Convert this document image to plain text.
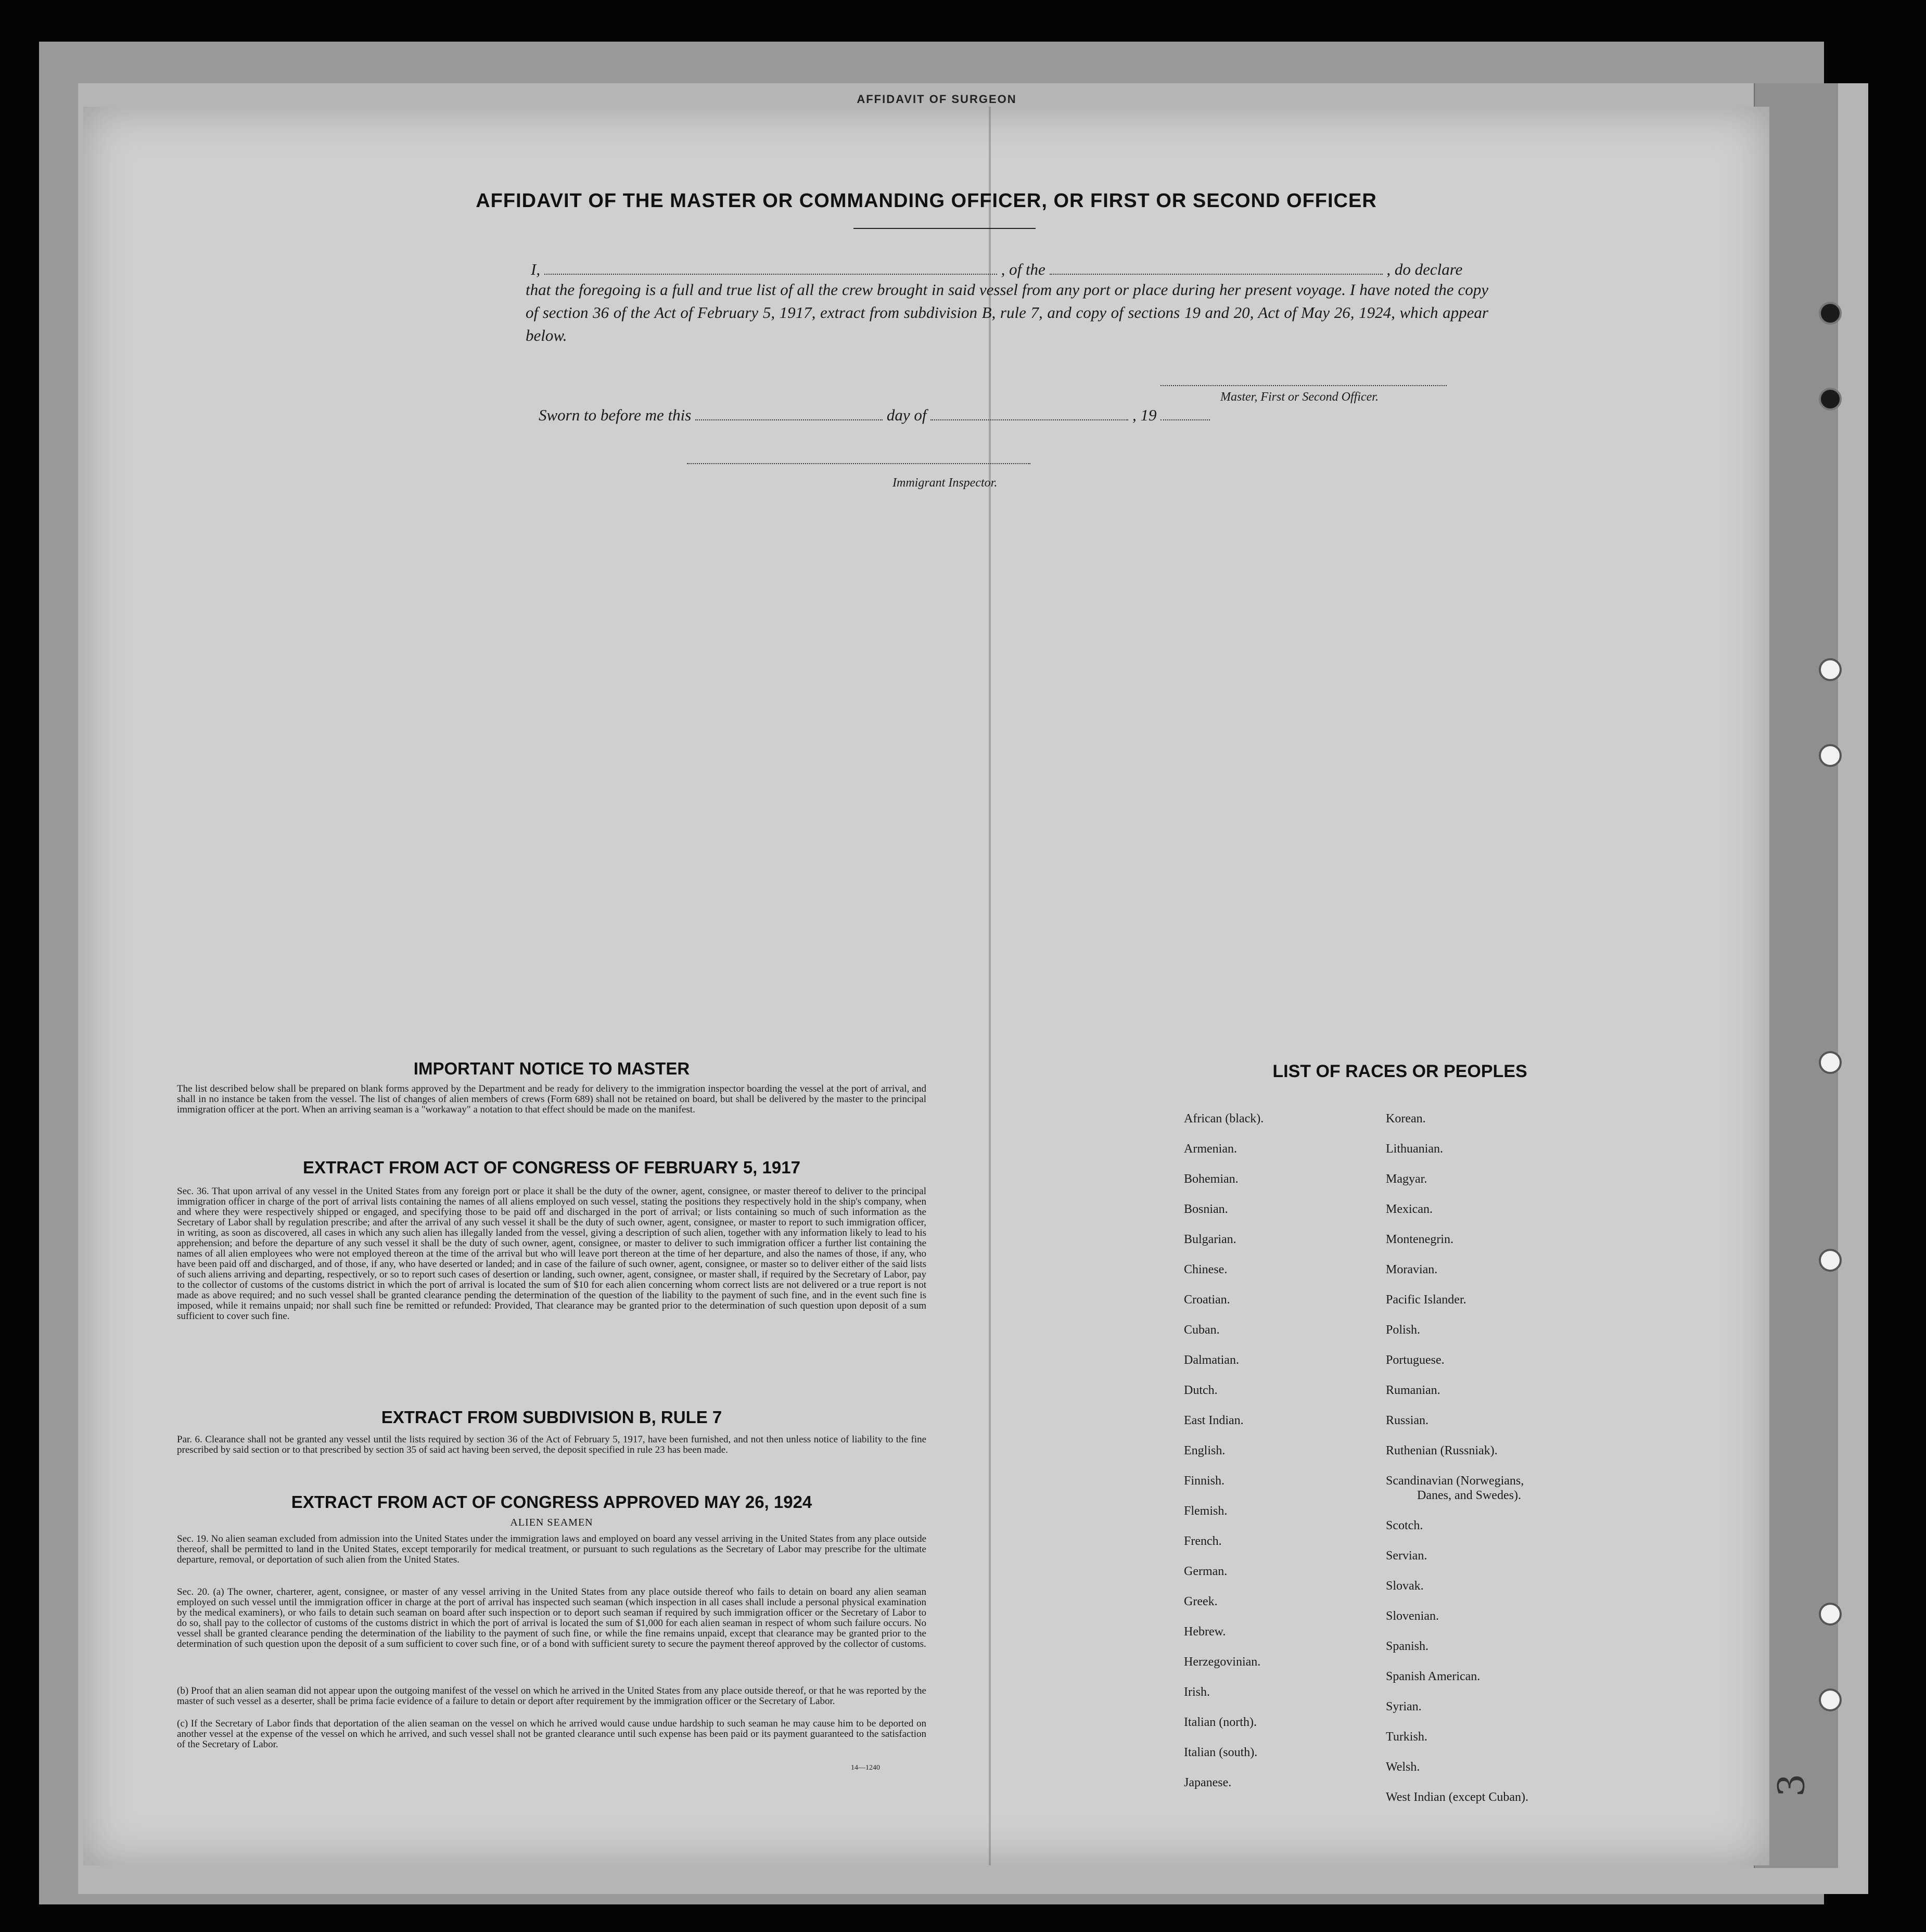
AFFIDAVIT OF SURGEON
AFFIDAVIT OF THE MASTER OR COMMANDING OFFICER, OR FIRST OR SECOND OFFICER
I,	, of the	, do declare
that the foregoing is a full and true list of all the crew brought in said vessel from any port or place during her present voyage. I have noted the copy of section 36 of the Act of February 5, 1917, extract from subdivision B, rule 7, and copy of sections 19 and 20, Act of May 26, 1924, which appear below.
Master, First or Second Officer.
Sworn to before me this	day of	, 19
Immigrant Inspector.
IMPORTANT NOTICE TO MASTER
The list described below shall be prepared on blank forms approved by the Department and be ready for delivery to the immigration inspector boarding the vessel at the port of arrival, and shall in no instance be taken from the vessel. The list of changes of alien members of crews (Form 689) shall not be retained on board, but shall be delivered by the master to the principal immigration officer at the port. When an arriving seaman is a "workaway" a notation to that effect should be made on the manifest.
EXTRACT FROM ACT OF CONGRESS OF FEBRUARY 5, 1917
Sec. 36. That upon arrival of any vessel in the United States from any foreign port or place it shall be the duty of the owner, agent, consignee, or master thereof to deliver to the principal immigration officer in charge of the port of arrival lists containing the names of all aliens employed on such vessel, stating the positions they respectively hold in the ship's company, when and where they were respectively shipped or engaged, and specifying those to be paid off and discharged in the port of arrival; or lists containing so much of such information as the Secretary of Labor shall by regulation prescribe; and after the arrival of any such vessel it shall be the duty of such owner, agent, consignee, or master to report to such immigration officer, in writing, as soon as discovered, all cases in which any such alien has illegally landed from the vessel, giving a description of such alien, together with any information likely to lead to his apprehension; and before the departure of any such vessel it shall be the duty of such owner, agent, consignee, or master to deliver to such immigration officer a further list containing the names of all alien employees who were not employed thereon at the time of the arrival but who will leave port thereon at the time of her departure, and also the names of those, if any, who have been paid off and discharged, and of those, if any, who have deserted or landed; and in case of the failure of such owner, agent, consignee, or master so to deliver either of the said lists of such aliens arriving and departing, respectively, or so to report such cases of desertion or landing, such owner, agent, consignee, or master shall, if required by the Secretary of Labor, pay to the collector of customs of the customs district in which the port of arrival is located the sum of $10 for each alien concerning whom correct lists are not delivered or a true report is not made as above required; and no such vessel shall be granted clearance pending the determination of the question of the liability to the payment of such fine, and in the event such fine is imposed, while it remains unpaid; nor shall such fine be remitted or refunded: Provided, That clearance may be granted prior to the determination of such question upon deposit of a sum sufficient to cover such fine.
EXTRACT FROM SUBDIVISION B, RULE 7
Par. 6. Clearance shall not be granted any vessel until the lists required by section 36 of the Act of February 5, 1917, have been furnished, and not then unless notice of liability to the fine prescribed by said section or to that prescribed by section 35 of said act having been served, the deposit specified in rule 23 has been made.
EXTRACT FROM ACT OF CONGRESS APPROVED MAY 26, 1924
ALIEN SEAMEN
Sec. 19. No alien seaman excluded from admission into the United States under the immigration laws and employed on board any vessel arriving in the United States from any place outside thereof, shall be permitted to land in the United States, except temporarily for medical treatment, or pursuant to such regulations as the Secretary of Labor may prescribe for the ultimate departure, removal, or deportation of such alien from the United States.
Sec. 20. (a) The owner, charterer, agent, consignee, or master of any vessel arriving in the United States from any place outside thereof who fails to detain on board any alien seaman employed on such vessel until the immigration officer in charge at the port of arrival has inspected such seaman (which inspection in all cases shall include a personal physical examination by the medical examiners), or who fails to detain such seaman on board after such inspection or to deport such seaman if required by such immigration officer or the Secretary of Labor to do so, shall pay to the collector of customs of the customs district in which the port of arrival is located the sum of $1,000 for each alien seaman in respect of whom such failure occurs. No vessel shall be granted clearance pending the determination of the liability to the payment of such fine, or while the fine remains unpaid, except that clearance may be granted prior to the determination of such question upon the deposit of a sum sufficient to cover such fine, or of a bond with sufficient surety to secure the payment thereof approved by the collector of customs.
(b) Proof that an alien seaman did not appear upon the outgoing manifest of the vessel on which he arrived in the United States from any place outside thereof, or that he was reported by the master of such vessel as a deserter, shall be prima facie evidence of a failure to detain or deport after requirement by the immigration officer or the Secretary of Labor.
(c) If the Secretary of Labor finds that deportation of the alien seaman on the vessel on which he arrived would cause undue hardship to such seaman he may cause him to be deported on another vessel at the expense of the vessel on which he arrived, and such vessel shall not be granted clearance until such expense has been paid or its payment guaranteed to the satisfaction of the Secretary of Labor.
14—1240
LIST OF RACES OR PEOPLES
African (black).
Armenian.
Bohemian.
Bosnian.
Bulgarian.
Chinese.
Croatian.
Cuban.
Dalmatian.
Dutch.
East Indian.
English.
Finnish.
Flemish.
French.
German.
Greek.
Hebrew.
Herzegovinian.
Irish.
Italian (north).
Italian (south).
Japanese.
Korean.
Lithuanian.
Magyar.
Mexican.
Montenegrin.
Moravian.
Pacific Islander.
Polish.
Portuguese.
Rumanian.
Russian.
Ruthenian (Russniak).
Scandinavian (Norwegians,
Danes, and Swedes).
Scotch.
Servian.
Slovak.
Slovenian.
Spanish.
Spanish American.
Syrian.
Turkish.
Welsh.
West Indian (except Cuban).
3
